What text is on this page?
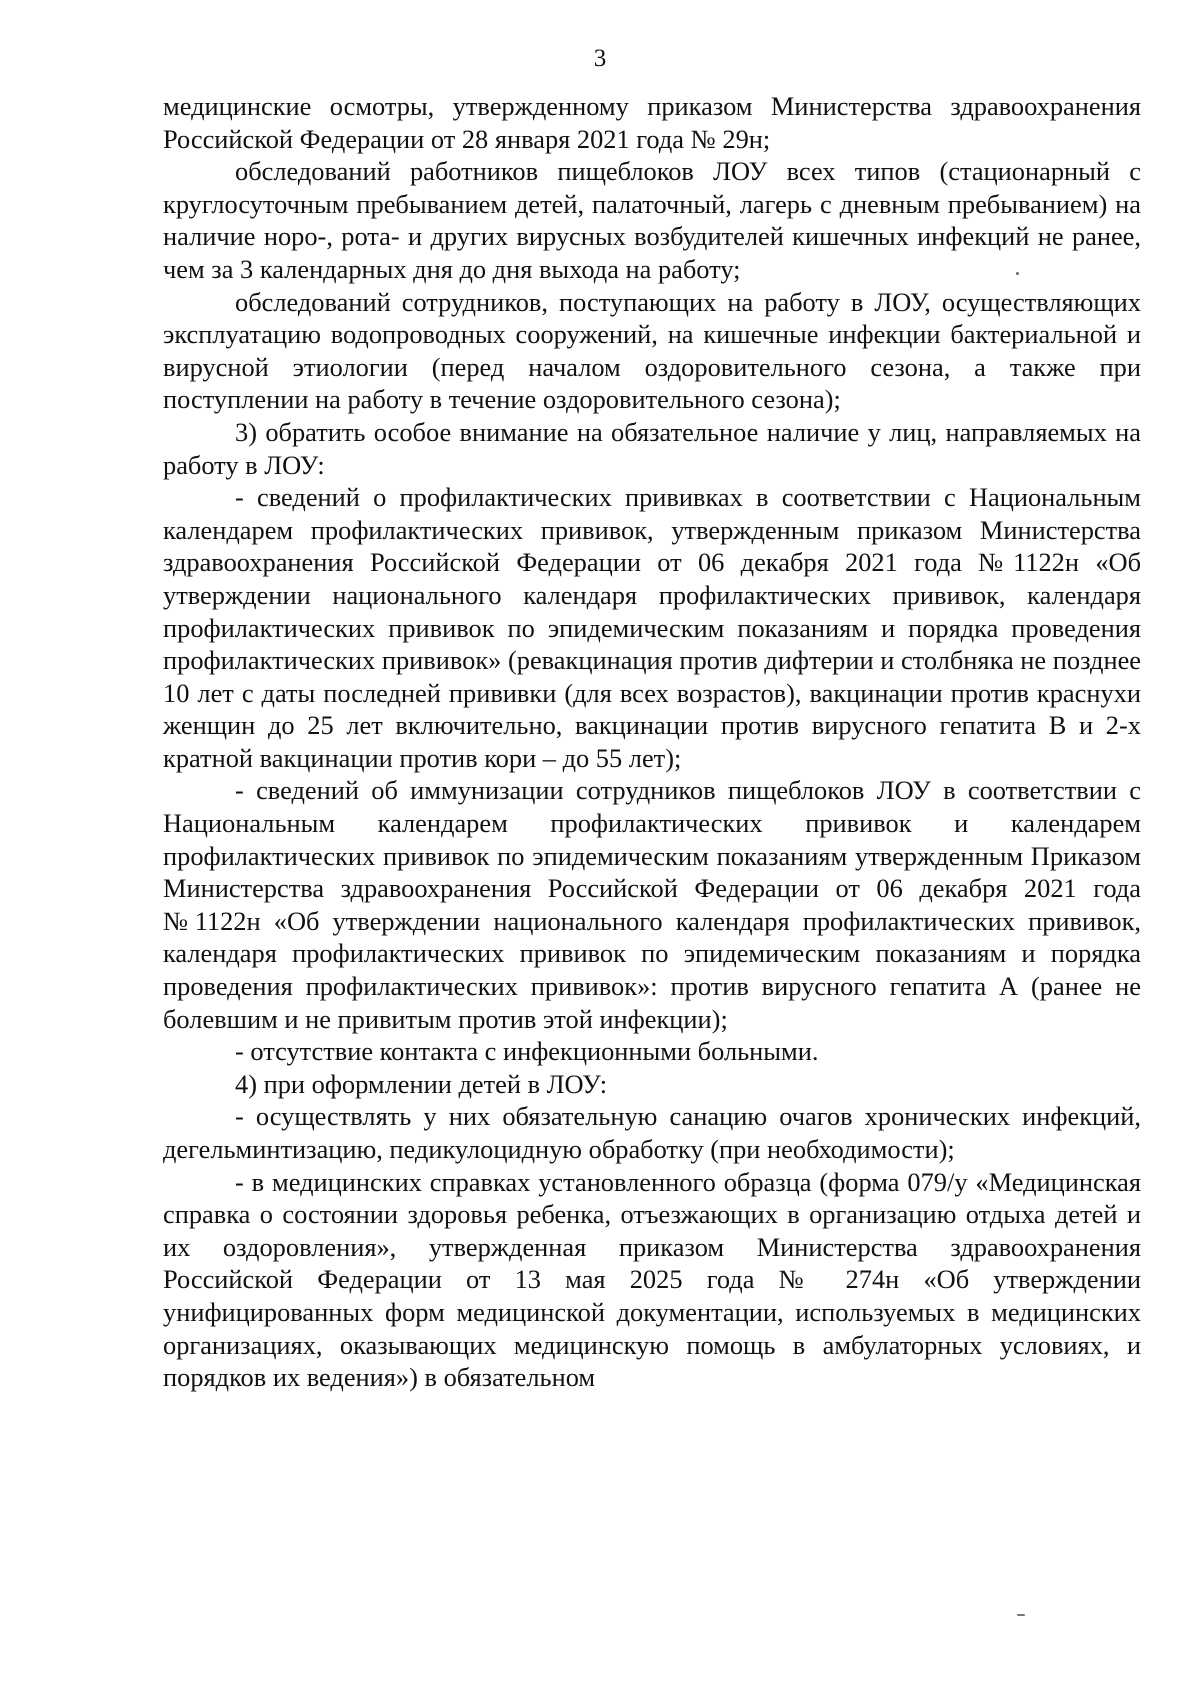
3

медицинские осмотры, утвержденному приказом Министерства здравоохранения Российской Федерации от 28 января 2021 года № 29н;

обследований работников пищеблоков ЛОУ всех типов (стационарный с круглосуточным пребыванием детей, палаточный, лагерь с дневным пребыванием) на наличие норо-, рота- и других вирусных возбудителей кишечных инфекций не ранее, чем за 3 календарных дня до дня выхода на работу;

обследований сотрудников, поступающих на работу в ЛОУ, осуществляющих эксплуатацию водопроводных сооружений, на кишечные инфекции бактериальной и вирусной этиологии (перед началом оздоровительного сезона, а также при поступлении на работу в течение оздоровительного сезона);

3) обратить особое внимание на обязательное наличие у лиц, направляемых на работу в ЛОУ:

- сведений о профилактических прививках в соответствии с Национальным календарем профилактических прививок, утвержденным приказом Министерства здравоохранения Российской Федерации от 06 декабря 2021 года №1122н «Об утверждении национального календаря профилактических прививок, календаря профилактических прививок по эпидемическим показаниям и порядка проведения профилактических прививок» (ревакцинация против дифтерии и столбняка не позднее 10 лет с даты последней прививки (для всех возрастов), вакцинации против краснухи женщин до 25 лет включительно, вакцинации против вирусного гепатита В и 2-х кратной вакцинации против кори – до 55 лет);

- сведений об иммунизации сотрудников пищеблоков ЛОУ в соответствии с Национальным календарем профилактических прививок и календарем профилактических прививок по эпидемическим показаниям утвержденным Приказом Министерства здравоохранения Российской Федерации от 06 декабря 2021 года №1122н «Об утверждении национального календаря профилактических прививок, календаря профилактических прививок по эпидемическим показаниям и порядка проведения профилактических прививок»: против вирусного гепатита А (ранее не болевшим и не привитым против этой инфекции);

- отсутствие контакта с инфекционными больными.

4) при оформлении детей в ЛОУ:

- осуществлять у них обязательную санацию очагов хронических инфекций, дегельминтизацию, педикулоцидную обработку (при необходимости);

- в медицинских справках установленного образца (форма 079/у «Медицинская справка о состоянии здоровья ребенка, отъезжающих в организацию отдыха детей и их оздоровления», утвержденная приказом Министерства здравоохранения Российской Федерации от 13 мая 2025 года № 274н «Об утверждении унифицированных форм медицинской документации, используемых в медицинских организациях, оказывающих медицинскую помощь в амбулаторных условиях, и порядков их ведения») в обязательном
